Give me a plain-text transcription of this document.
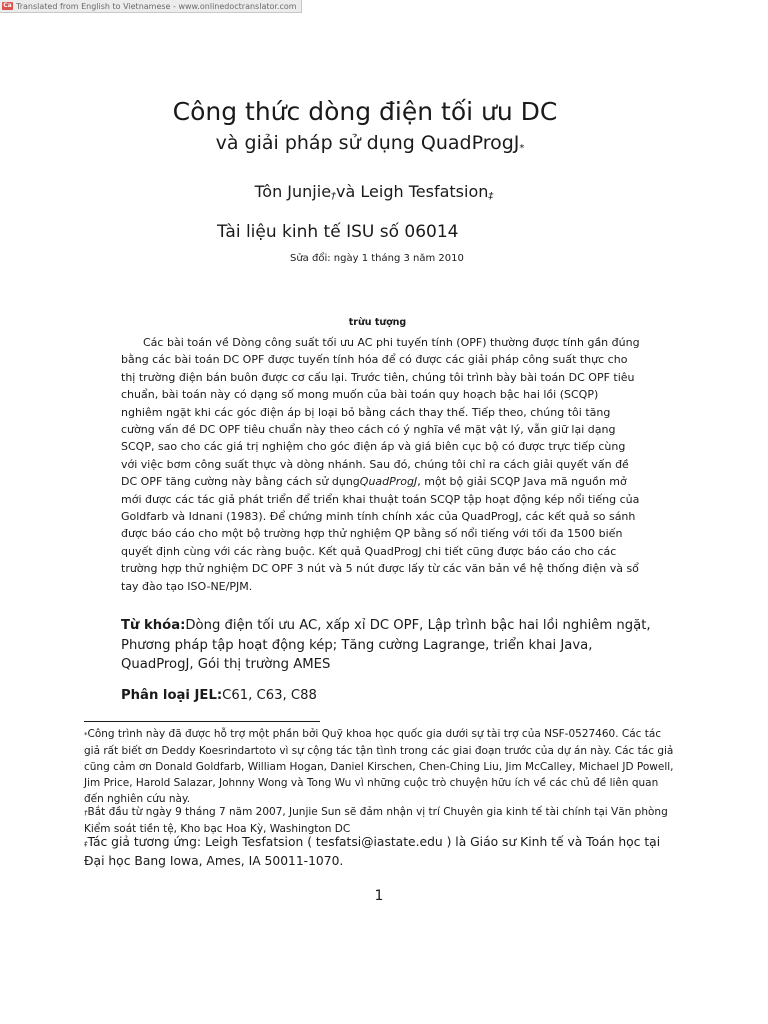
Ca Translated from English to Vietnamese - www.onlinedoctranslator.com
Công thức dòng điện tối ưu DC
và giải pháp sử dụng QuadProgJ$_*$
Tôn Junjie$_\dagger$và Leigh Tesfatsion$_\ddagger$
Tài liệu kinh tế ISU số 06014
Sửa đổi: ngày 1 tháng 3 năm 2010
trừu tượng

Các bài toán về Dòng công suất tối ưu AC phi tuyến tính (OPF) thường được tính gần đúng bằng các bài toán DC OPF được tuyến tính hóa để có được các giải pháp công suất thực cho thị trường điện bán buôn được cơ cấu lại. Trước tiên, chúng tôi trình bày bài toán DC OPF tiêu chuẩn, bài toán này có dạng số mong muốn của bài toán quy hoạch bậc hai lồi (SCQP) nghiêm ngặt khi các góc điện áp bị loại bỏ bằng cách thay thế. Tiếp theo, chúng tôi tăng cường vấn đề DC OPF tiêu chuẩn này theo cách có ý nghĩa về mặt vật lý, vẫn giữ lại dạng SCQP, sao cho các giá trị nghiệm cho góc điện áp và giá biên cục bộ có được trực tiếp cùng với việc bơm công suất thực và dòng nhánh. Sau đó, chúng tôi chỉ ra cách giải quyết vấn đề DC OPF tăng cường này bằng cách sử dụngQuadProgJ, một bộ giải SCQP Java mã nguồn mở mới được các tác giả phát triển để triển khai thuật toán SCQP tập hoạt động kép nổi tiếng của Goldfarb và Idnani (1983). Để chứng minh tính chính xác của QuadProgJ, các kết quả so sánh được báo cáo cho một bộ trường hợp thử nghiệm QP bằng số nổi tiếng với tối đa 1500 biến quyết định cùng với các ràng buộc. Kết quả QuadProgJ chi tiết cũng được báo cáo cho các trường hợp thử nghiệm DC OPF 3 nút và 5 nút được lấy từ các văn bản về hệ thống điện và sổ tay đào tạo ISO-NE/PJM.

Từ khóa:Dòng điện tối ưu AC, xấp xỉ DC OPF, Lập trình bậc hai lồi nghiêm ngặt, Phương pháp tập hoạt động kép; Tăng cường Lagrange, triển khai Java, QuadProgJ, Gói thị trường AMES
Phân loại JEL:C61, C63, C88

*Công trình này đã được hỗ trợ một phần bởi Quỹ khoa học quốc gia dưới sự tài trợ của NSF-0527460. Các tác giả rất biết ơn Deddy Koesrindartoto vì sự cộng tác tận tình trong các giai đoạn trước của dự án này. Các tác giả cũng cảm ơn Donald Goldfarb, William Hogan, Daniel Kirschen, Chen-Ching Liu, Jim McCalley, Michael JD Powell, Jim Price, Harold Salazar, Johnny Wong và Tong Wu vì những cuộc trò chuyện hữu ích về các chủ đề liên quan đến nghiên cứu này.

†Bắt đầu từ ngày 9 tháng 7 năm 2007, Junjie Sun sẽ đảm nhận vị trí Chuyên gia kinh tế tài chính tại Văn phòng Kiểm soát tiền tệ, Kho bạc Hoa Kỳ, Washington DC

‡Tác giả tương ứng: Leigh Tesfatsion ( tesfatsi@iastate.edu ) là Giáo sư Kinh tế và Toán học tại Đại học Bang Iowa, Ames, IA 50011-1070.

1
